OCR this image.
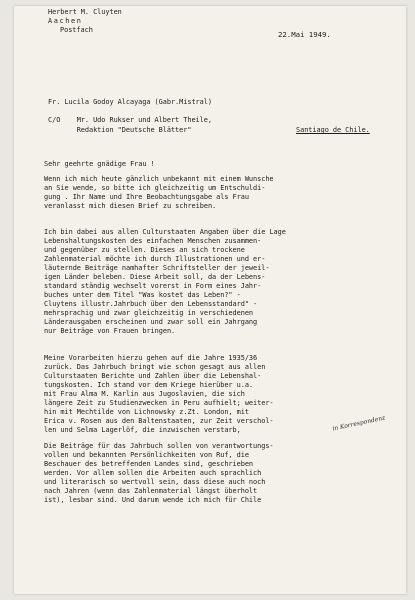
Herbert M. Cluyten
Aachen
Postfach	22.Mai 1949.
Fr. Lucila Godoy Alcayaga (Gabr.Mistral)
C/O    Mr. Udo Rukser und Albert Theile,
Redaktion "Deutsche Blätter"	Santiago de Chile.
Sehr geehrte gnädige Frau !
Wenn ich mich heute gänzlich unbekannt mit einem Wunsche
an Sie wende, so bitte ich gleichzeitig um Entschuldi-
gung . Ihr Name und Ihre Beobachtungsgabe als Frau
veranlasst mich diesen Brief zu schreiben.
Ich bin dabei aus allen Culturstaaten Angaben über die Lage
Lebenshaltungskosten des einfachen Menschen zusammen-
und gegenüber zu stellen. Dieses an sich trockene
Zahlenmaterial möchte ich durch Illustrationen und er-
läuternde Beiträge namhafter Schriftsteller der jeweil-
igen Länder beleben. Diese Arbeit soll, da der Lebens-
standard ständig wechselt vorerst in Form eines Jahr-
buches unter dem Titel "Was kostet das Leben?" -
Cluytens illustr.Jahrbuch über den Lebensstandard" -
mehrsprachig und zwar gleichzeitig in verschiedenen
Länderausgaben erscheinen und zwar soll ein Jahrgang
nur Beiträge von Frauen bringen.
Meine Vorarbeiten hierzu gehen auf die Jahre 1935/36
zurück. Das Jahrbuch bringt wie schon gesagt aus allen
Culturstaaten Berichte und Zahlen über die Lebenshal-
tungskosten. Ich stand vor dem Kriege hierüber u.a.
mit Frau Alma M. Karlin aus Jugoslavien, die sich
längere Zeit zu Studienzwecken in Peru aufhielt; weiter-
hin mit Mechtilde von Lichnowsky z.Zt. London, mit
Erica v. Rosen aus den Baltenstaaten, zur Zeit verschol-
len und Selma Lagerlöf, die inzwischen verstarb,
Die Beiträge für das Jahrbuch sollen von verantwortungs-
vollen und bekannten Persönlichkeiten von Ruf, die
Beschauer des betreffenden Landes sind, geschrieben
werden. Vor allem sollen die Arbeiten auch sprachlich
und literarisch so wertvoll sein, dass diese auch noch
nach Jahren (wenn das Zahlenmaterial längst überholt
ist), lesbar sind. Und darum wende ich mich für Chile
in Korrespondenz
